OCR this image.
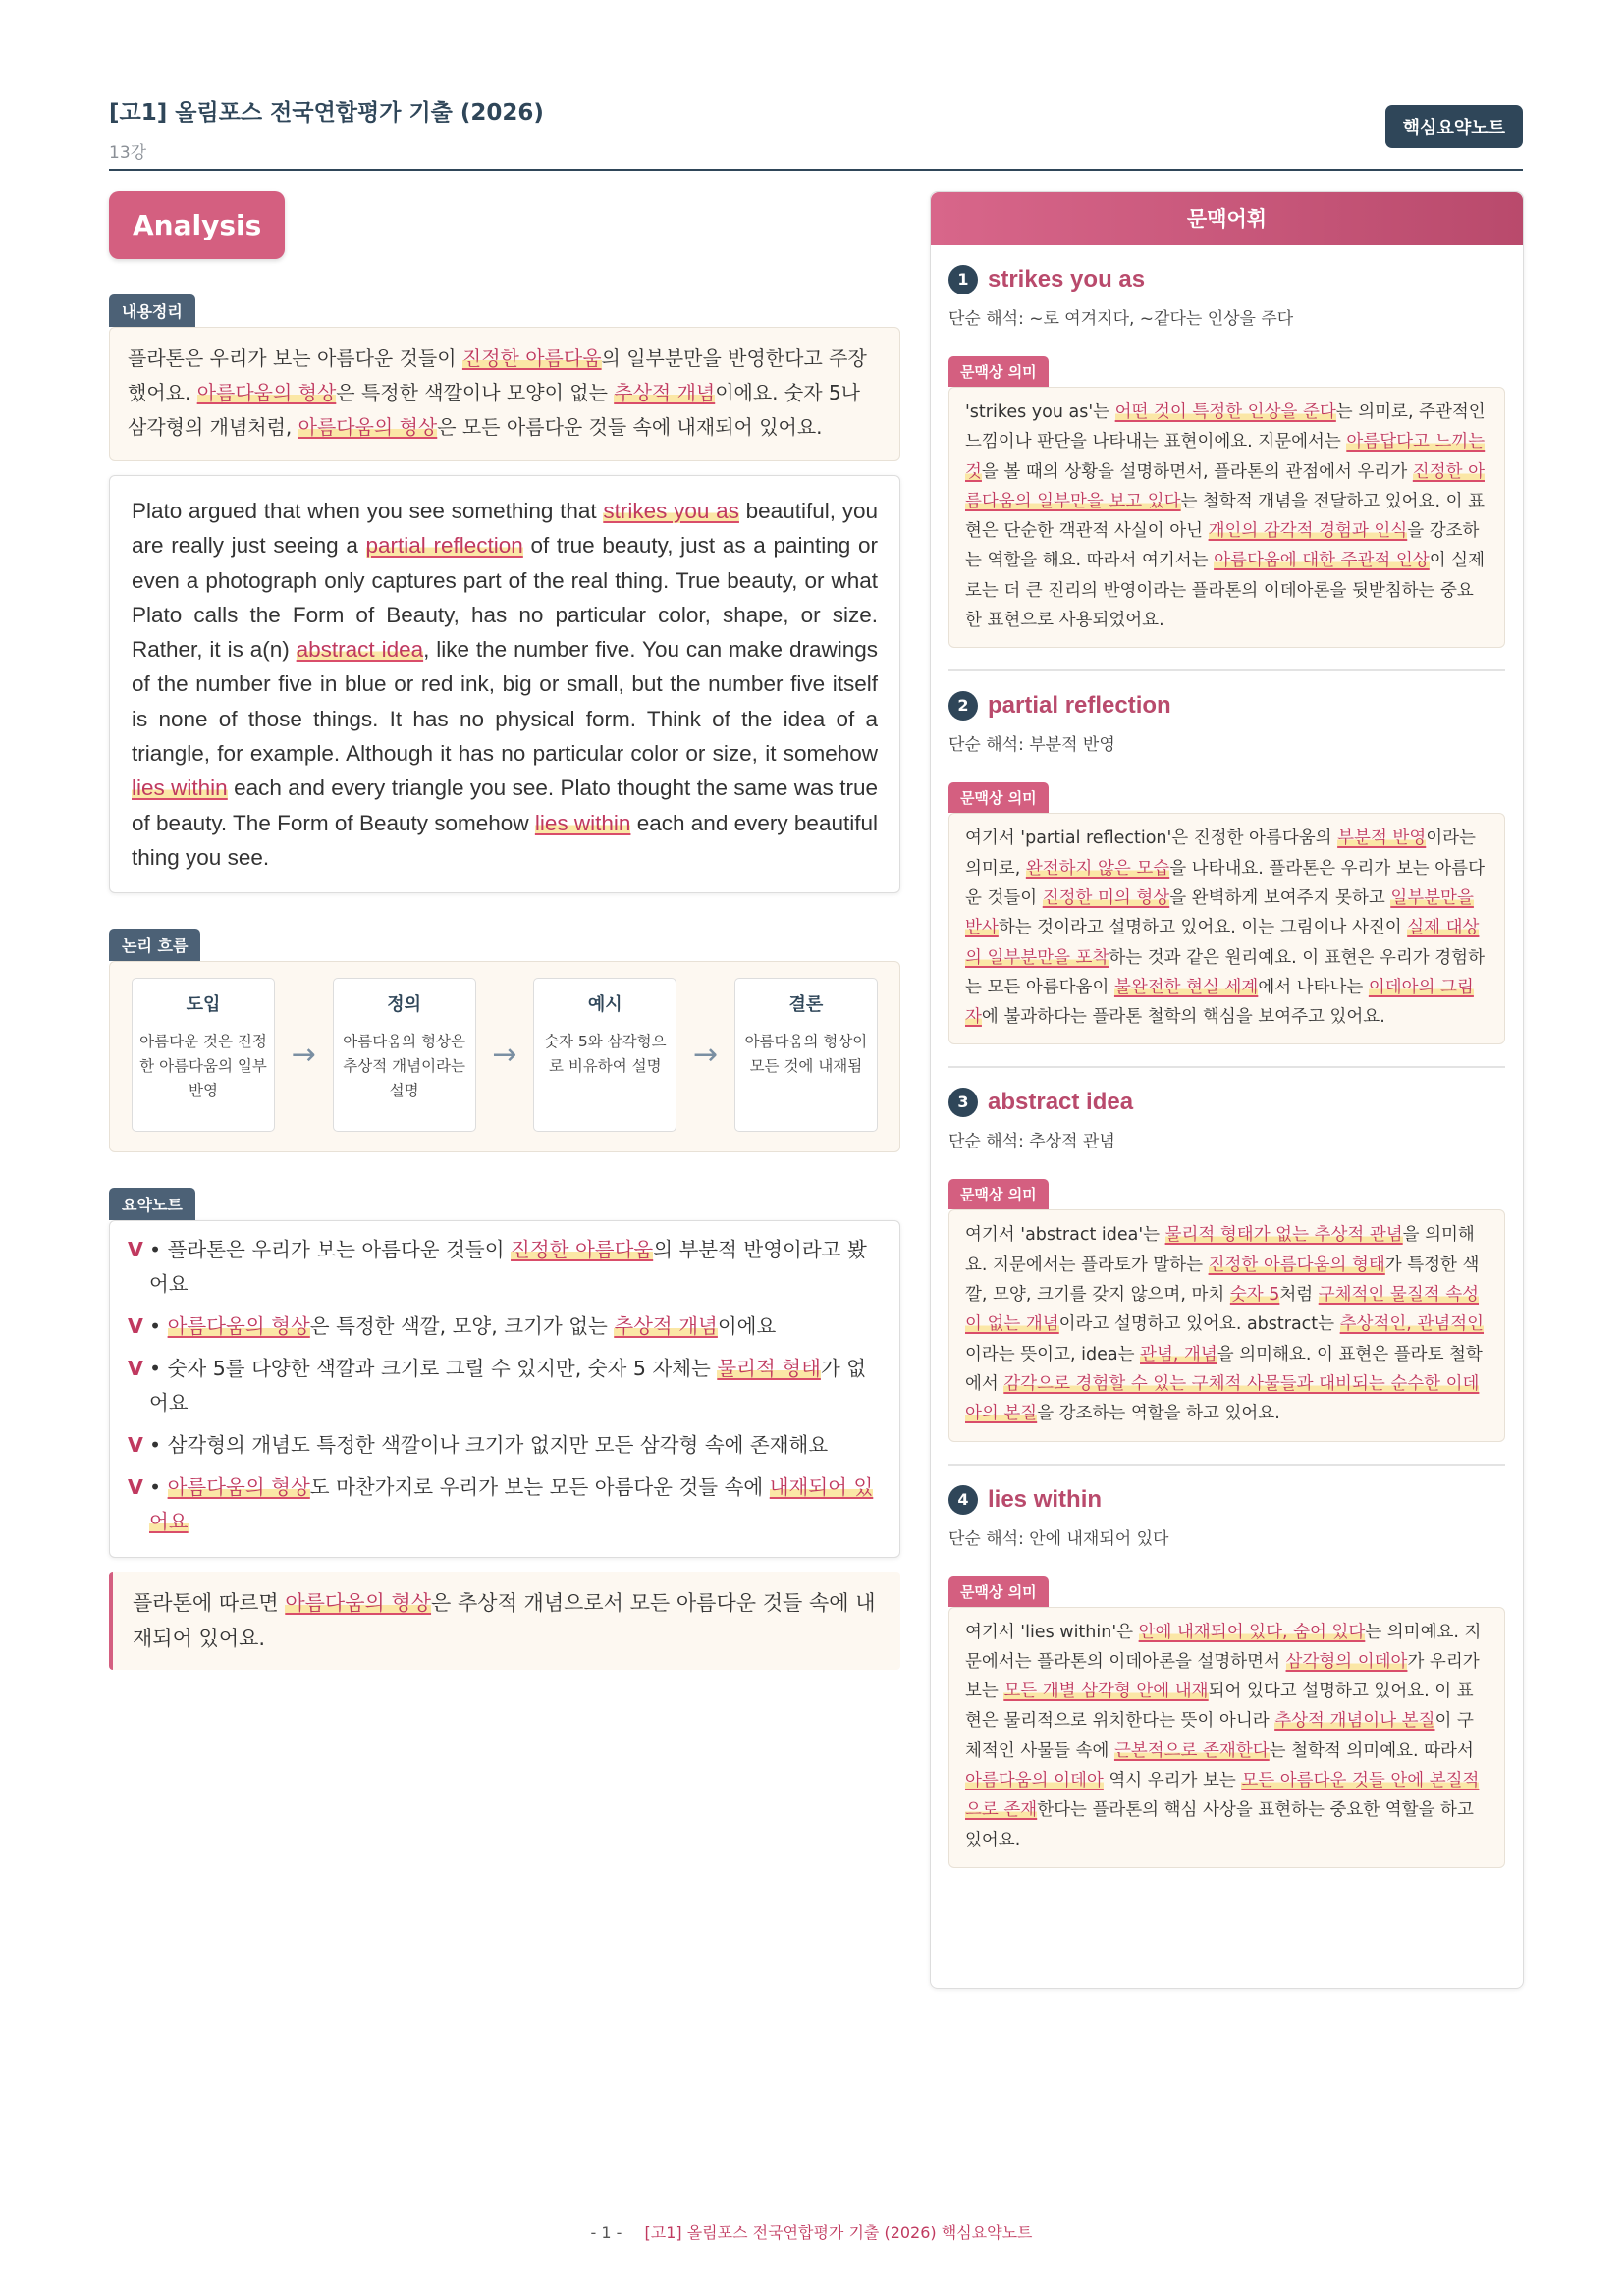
[고1] 올림포스 전국연합평가 기출 (2026)
13강
핵심요약노트
Analysis
내용정리
플라톤은 우리가 보는 아름다운 것들이 진정한 아름다움의 일부분만을 반영한다고 주장했어요. 아름다움의 형상은 특정한 색깔이나 모양이 없는 추상적 개념이에요. 숫자 5나 삼각형의 개념처럼, 아름다움의 형상은 모든 아름다운 것들 속에 내재되어 있어요.
Plato argued that when you see something that strikes you as beautiful, you are really just seeing a partial reflection of true beauty, just as a painting or even a photograph only captures part of the real thing. True beauty, or what Plato calls the Form of Beauty, has no particular color, shape, or size. Rather, it is a(n) abstract idea, like the number five. You can make drawings of the number five in blue or red ink, big or small, but the number five itself is none of those things. It has no physical form. Think of the idea of a triangle, for example. Although it has no particular color or size, it somehow lies within each and every triangle you see. Plato thought the same was true of beauty. The Form of Beauty somehow lies within each and every beautiful thing you see.
논리 흐름
도입
아름다운 것은 진정한 아름다움의 일부 반영
→
정의
아름다움의 형상은 추상적 개념이라는 설명
→
예시
숫자 5와 삼각형으로 비유하여 설명	→
결론
아름다움의 형상이 모든 것에 내재됨
요약노트
V • 플라톤은 우리가 보는 아름다운 것들이 진정한 아름다움의 부분적 반영이라고 봤어요
V • 아름다움의 형상은 특정한 색깔, 모양, 크기가 없는 추상적 개념이에요
V • 숫자 5를 다양한 색깔과 크기로 그릴 수 있지만, 숫자 5 자체는 물리적 형태가 없어요
V • 삼각형의 개념도 특정한 색깔이나 크기가 없지만 모든 삼각형 속에 존재해요
V • 아름다움의 형상도 마찬가지로 우리가 보는 모든 아름다운 것들 속에 내재되어 있어요
플라톤에 따르면 아름다움의 형상은 추상적 개념으로서 모든 아름다운 것들 속에 내재되어 있어요.
문맥어휘
1 strikes you as
단순 해석: ~로 여겨지다, ~같다는 인상을 주다
문맥상 의미
'strikes you as'는 어떤 것이 특정한 인상을 준다는 의미로, 주관적인 느낌이나 판단을 나타내는 표현이에요. 지문에서는 아름답다고 느끼는 것을 볼 때의 상황을 설명하면서, 플라톤의 관점에서 우리가 진정한 아름다움의 일부만을 보고 있다는 철학적 개념을 전달하고 있어요. 이 표현은 단순한 객관적 사실이 아닌 개인의 감각적 경험과 인식을 강조하는 역할을 해요. 따라서 여기서는 아름다움에 대한 주관적 인상이 실제로는 더 큰 진리의 반영이라는 플라톤의 이데아론을 뒷받침하는 중요한 표현으로 사용되었어요.
2 partial reflection
단순 해석: 부분적 반영
문맥상 의미
여기서 'partial reflection'은 진정한 아름다움의 부분적 반영이라는 의미로, 완전하지 않은 모습을 나타내요. 플라톤은 우리가 보는 아름다운 것들이 진정한 미의 형상을 완벽하게 보여주지 못하고 일부분만을 반사하는 것이라고 설명하고 있어요. 이는 그림이나 사진이 실제 대상의 일부분만을 포착하는 것과 같은 원리예요. 이 표현은 우리가 경험하는 모든 아름다움이 불완전한 현실 세계에서 나타나는 이데아의 그림자에 불과하다는 플라톤 철학의 핵심을 보여주고 있어요.
3 abstract idea
단순 해석: 추상적 관념
문맥상 의미
여기서 'abstract idea'는 물리적 형태가 없는 추상적 관념을 의미해요. 지문에서는 플라토가 말하는 진정한 아름다움의 형태가 특정한 색깔, 모양, 크기를 갖지 않으며, 마치 숫자 5처럼 구체적인 물질적 속성이 없는 개념이라고 설명하고 있어요. abstract는 추상적인, 관념적인이라는 뜻이고, idea는 관념, 개념을 의미해요. 이 표현은 플라토 철학에서 감각으로 경험할 수 있는 구체적 사물들과 대비되는 순수한 이데아의 본질을 강조하는 역할을 하고 있어요.
4 lies within
단순 해석: 안에 내재되어 있다
문맥상 의미
여기서 'lies within'은 안에 내재되어 있다, 숨어 있다는 의미예요. 지문에서는 플라톤의 이데아론을 설명하면서 삼각형의 이데아가 우리가 보는 모든 개별 삼각형 안에 내재되어 있다고 설명하고 있어요. 이 표현은 물리적으로 위치한다는 뜻이 아니라 추상적 개념이나 본질이 구체적인 사물들 속에 근본적으로 존재한다는 철학적 의미예요. 따라서 아름다움의 이데아 역시 우리가 보는 모든 아름다운 것들 안에 본질적으로 존재한다는 플라톤의 핵심 사상을 표현하는 중요한 역할을 하고 있어요.
- 1 - [고1] 올림포스 전국연합평가 기출 (2026) 핵심요약노트
